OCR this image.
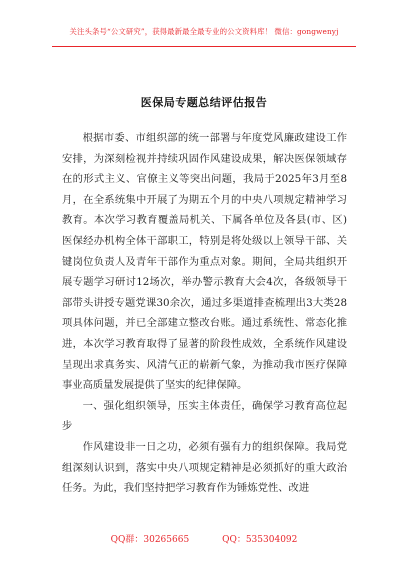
关注头条号“公文研究”，获得最新最全最专业的公文资料库！ 微信：gongwenyj
医保局专题总结评估报告

根据市委、市组织部的统一部署与年度党风廉政建设工作安排，为深刻检视并持续巩固作风建设成果，解决医保领域存在的形式主义、官僚主义等突出问题，我局于2025年3月至8月，在全系统集中开展了为期五个月的中央八项规定精神学习教育。本次学习教育覆盖局机关、下属各单位及各县(市、区)医保经办机构全体干部职工，特别是将处级以上领导干部、关键岗位负责人及青年干部作为重点对象。期间，全局共组织开展专题学习研讨12场次，举办警示教育大会4次，各级领导干部带头讲授专题党课30余次，通过多渠道排查梳理出3大类28项具体问题，并已全部建立整改台账。通过系统性、常态化推进，本次学习教育取得了显著的阶段性成效，全系统作风建设呈现出求真务实、风清气正的崭新气象，为推动我市医疗保障事业高质量发展提供了坚实的纪律保障。

一、强化组织领导，压实主体责任，确保学习教育高位起步

作风建设非一日之功，必须有强有力的组织保障。我局党组深刻认识到，落实中央八项规定精神是必须抓好的重大政治任务。为此，我们坚持把学习教育作为锤炼党性、改进

QQ群：30265665	QQ：535304092
